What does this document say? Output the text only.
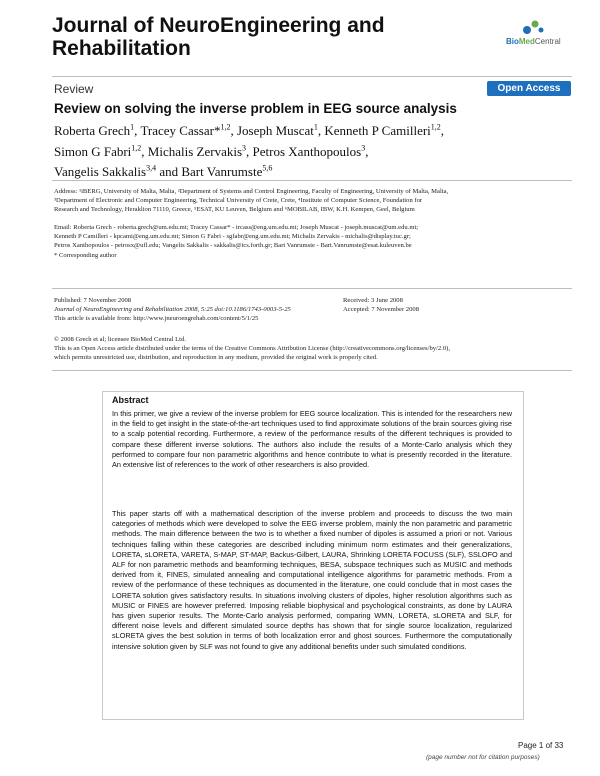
Journal of NeuroEngineering and
Rehabilitation	BioMedCentral
Review	Open Access
Review on solving the inverse problem in EEG source analysis
Roberta Grech$^1$, Tracey Cassar*$^{1,2}$, Joseph Muscat$^1$, Kenneth P Camilleri$^{1,2}$,
Simon G Fabri$^{1,2}$, Michalis Zervakis$^3$, Petros Xanthopoulos$^3$,
Vangelis Sakkalis$^{3,4}$ and Bart Vanrumste$^{5,6}$
Address: ¹iBERG, University of Malta, Malta, ²Department of Systems and Control Engineering, Faculty of Engineering, University of Malta, Malta,
³Department of Electronic and Computer Engineering, Technical University of Crete, Crete, ⁴Institute of Computer Science, Foundation for
Research and Technology, Heraklion 71110, Greece, ⁵ESAT, KU Leuven, Belgium and ⁶MOBILAB, IBW, K.H. Kempen, Geel, Belgium
Email: Roberta Grech - roberta.grech@um.edu.mt; Tracey Cassar* - trcass@eng.um.edu.mt; Joseph Muscat - joseph.muscat@um.edu.mt;
Kenneth P Camilleri - kpcami@eng.um.edu.mt; Simon G Fabri - sgfabr@eng.um.edu.mt; Michalis Zervakis - michalis@display.tuc.gr;
Petros Xanthopoulos - petrosx@ufl.edu; Vangelis Sakkalis - sakkalis@ics.forth.gr; Bart Vanrumste - Bart.Vanrumste@esat.kuleuven.be
* Corresponding author
Published: 7 November 2008
Journal of NeuroEngineering and Rehabilitation 2008, 5:25 doi:10.1186/1743-0003-5-25
This article is available from: http://www.jneuroengrehab.com/content/5/1/25
Received: 3 June 2008
Accepted: 7 November 2008
© 2008 Grech et al; licensee BioMed Central Ltd.
This is an Open Access article distributed under the terms of the Creative Commons Attribution License (http://creativecommons.org/licenses/by/2.0),
which permits unrestricted use, distribution, and reproduction in any medium, provided the original work is properly cited.
Abstract
In this primer, we give a review of the inverse problem for EEG source localization. This is intended for the researchers new in the field to get insight in the state-of-the-art techniques used to find approximate solutions of the brain sources giving rise to a scalp potential recording. Furthermore, a review of the performance results of the different techniques is provided to compare these different inverse solutions. The authors also include the results of a Monte-Carlo analysis which they performed to compare four non parametric algorithms and hence contribute to what is presently recorded in the literature. An extensive list of references to the work of other researchers is also provided.
This paper starts off with a mathematical description of the inverse problem and proceeds to discuss the two main categories of methods which were developed to solve the EEG inverse problem, mainly the non parametric and parametric methods. The main difference between the two is to whether a fixed number of dipoles is assumed a priori or not. Various techniques falling within these categories are described including minimum norm estimates and their generalizations, LORETA, sLORETA, VARETA, S-MAP, ST-MAP, Backus-Gilbert, LAURA, Shrinking LORETA FOCUSS (SLF), SSLOFO and ALF for non parametric methods and beamforming techniques, BESA, subspace techniques such as MUSIC and methods derived from it, FINES, simulated annealing and computational intelligence algorithms for parametric methods. From a review of the performance of these techniques as documented in the literature, one could conclude that in most cases the LORETA solution gives satisfactory results. In situations involving clusters of dipoles, higher resolution algorithms such as MUSIC or FINES are however preferred. Imposing reliable biophysical and psychological constraints, as done by LAURA has given superior results. The Monte-Carlo analysis performed, comparing WMN, LORETA, sLORETA and SLF, for different noise levels and different simulated source depths has shown that for single source localization, regularized sLORETA gives the best solution in terms of both localization error and ghost sources. Furthermore the computationally intensive solution given by SLF was not found to give any additional benefits under such simulated conditions.
Page 1 of 33
(page number not for citation purposes)
